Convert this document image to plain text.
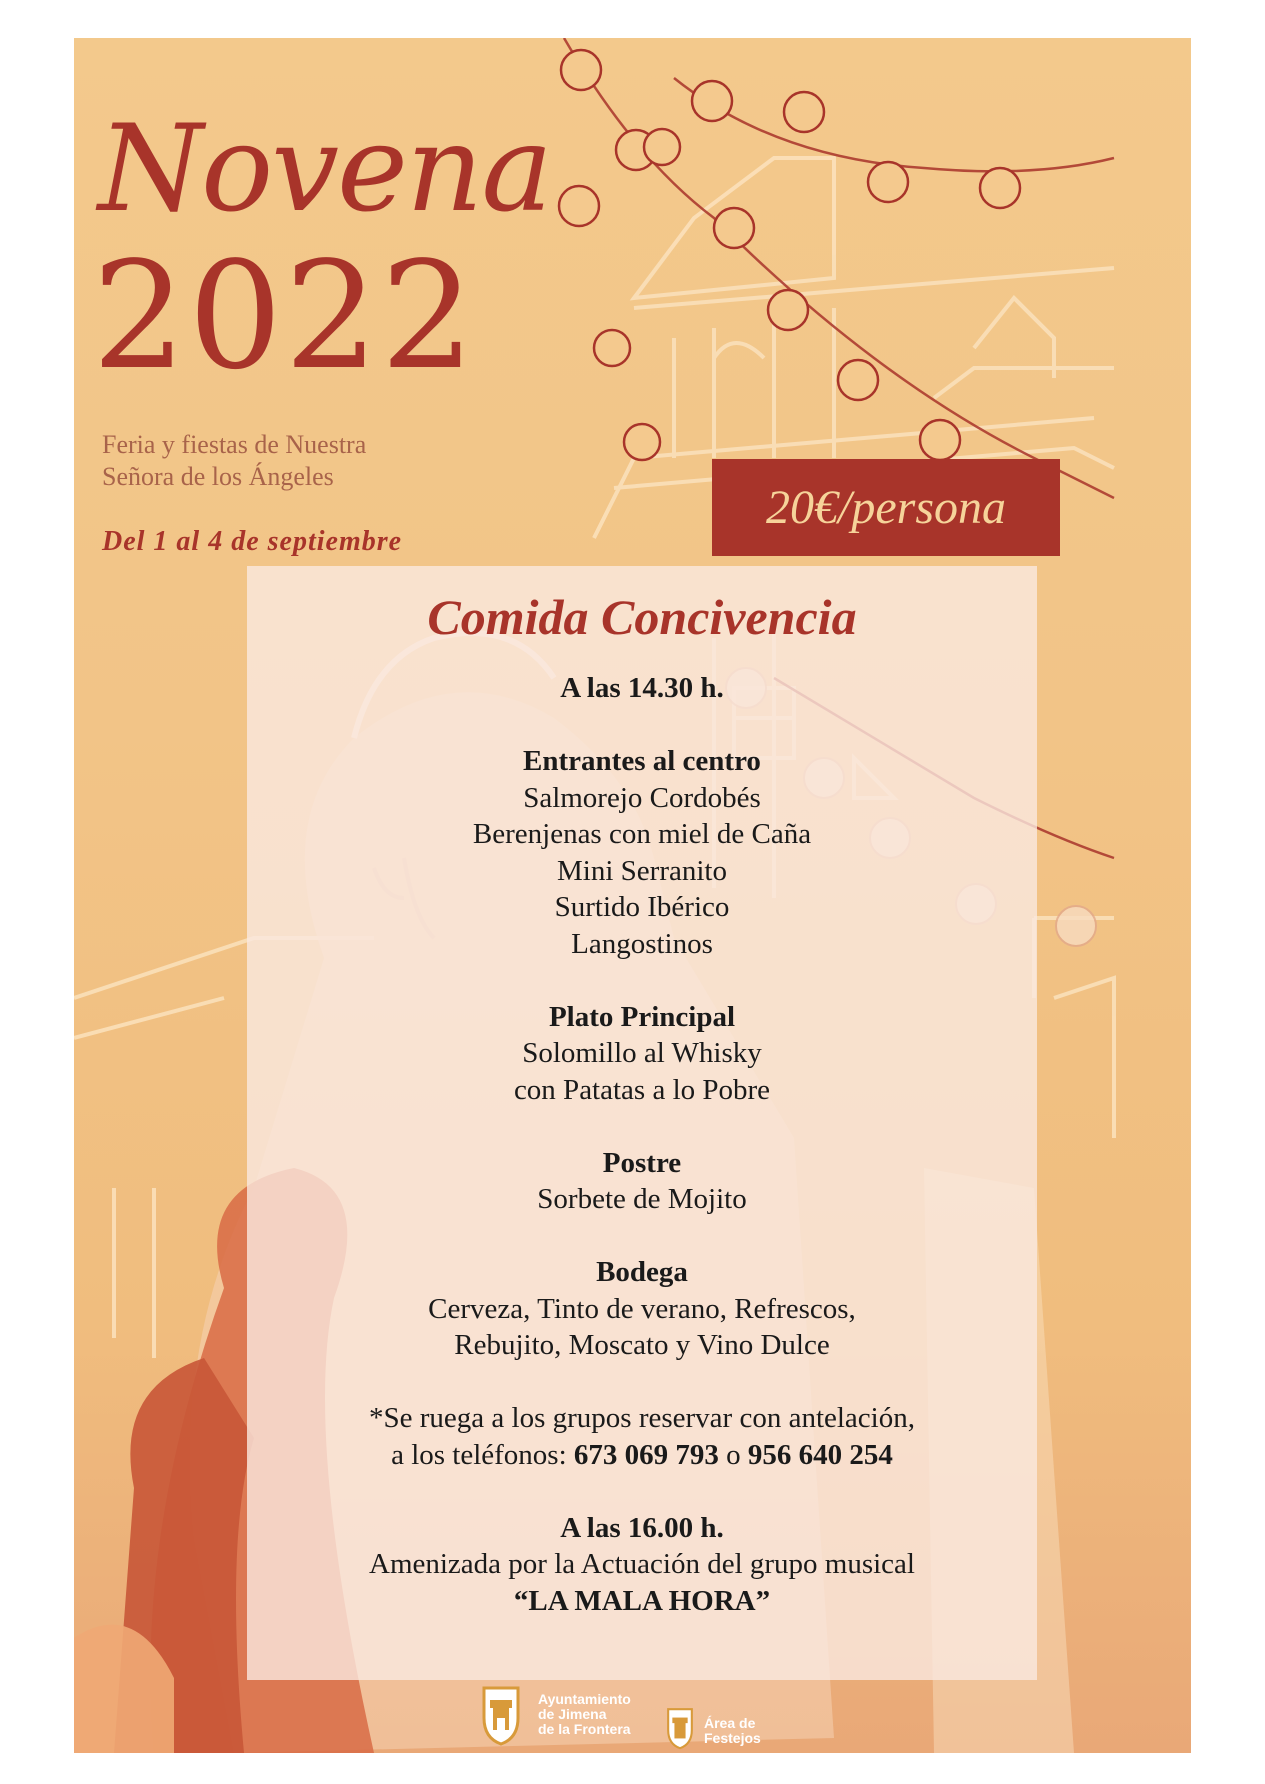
Novena
2022

Feria y fiestas de Nuestra

Señora de los Ángeles

Del 1 al 4 de septiembre

20€/persona
Comida Concivencia

A las 14.30 h.

Entrantes al centro

Salmorejo Cordobés

Berenjenas con miel de Caña

Mini Serranito

Surtido Ibérico

Langostinos

Plato Principal

Solomillo al Whisky

con Patatas a lo Pobre

Postre

Sorbete de Mojito

Bodega

Cerveza, Tinto de verano, Refrescos,

Rebujito, Moscato y Vino Dulce

*Se ruega a los grupos reservar con antelación,

a los teléfonos: 673 069 793 o 956 640 254

A las 16.00 h.

Amenizada por la Actuación del grupo musical

“LA MALA HORA”

Ayuntamiento

de Jimena

de la Frontera	Área de

Festejos
